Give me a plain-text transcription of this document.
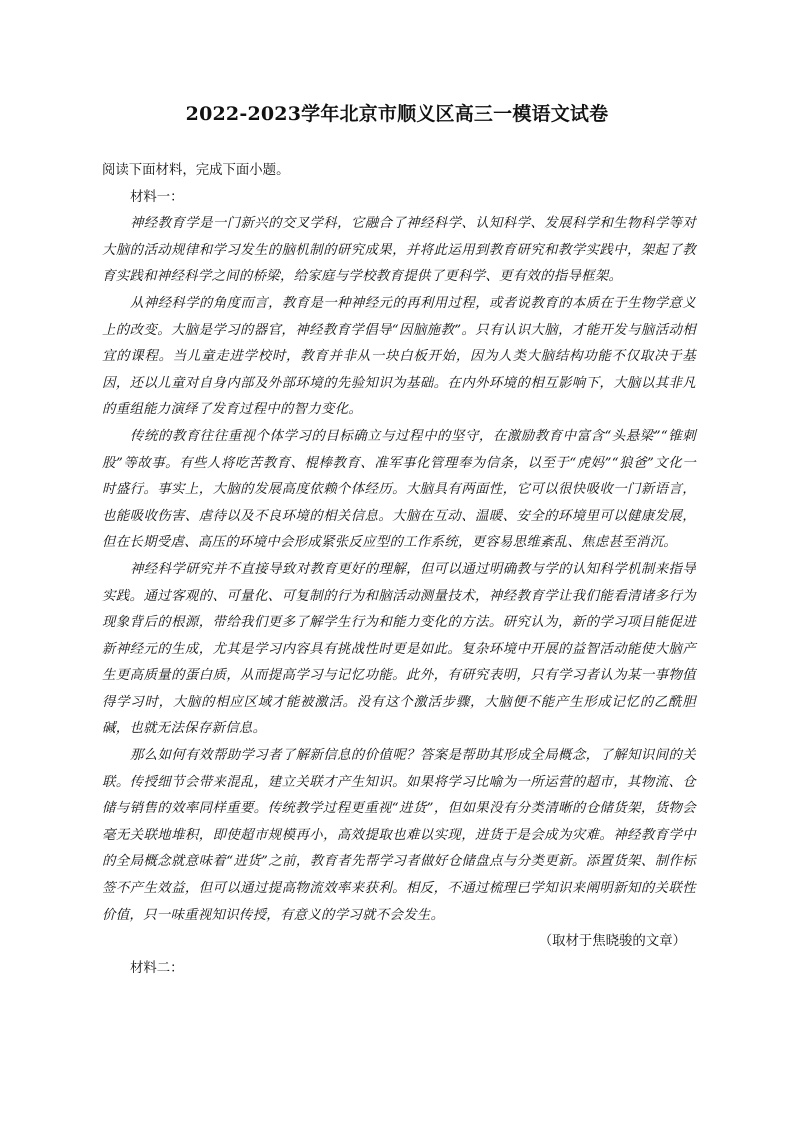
2022-2023学年北京市顺义区高三一模语文试卷

阅读下面材料，完成下面小题。

材料一：

神经教育学是一门新兴的交叉学科，它融合了神经科学、认知科学、发展科学和生物科学等对大脑的活动规律和学习发生的脑机制的研究成果，并将此运用到教育研究和教学实践中，架起了教育实践和神经科学之间的桥梁，给家庭与学校教育提供了更科学、更有效的指导框架。

从神经科学的角度而言，教育是一种神经元的再利用过程，或者说教育的本质在于生物学意义上的改变。大脑是学习的器官，神经教育学倡导“因脑施教”。只有认识大脑，才能开发与脑活动相宜的课程。当儿童走进学校时，教育并非从一块白板开始，因为人类大脑结构功能不仅取决于基因，还以儿童对自身内部及外部环境的先验知识为基础。在内外环境的相互影响下，大脑以其非凡的重组能力演绎了发育过程中的智力变化。

传统的教育往往重视个体学习的目标确立与过程中的坚守，在激励教育中富含“头悬梁”“锥刺股”等故事。有些人将吃苦教育、棍棒教育、准军事化管理奉为信条，以至于“虎妈”“狼爸”文化一时盛行。事实上，大脑的发展高度依赖个体经历。大脑具有两面性，它可以很快吸收一门新语言，也能吸收伤害、虐待以及不良环境的相关信息。大脑在互动、温暖、安全的环境里可以健康发展，但在长期受虐、高压的环境中会形成紧张反应型的工作系统，更容易思维紊乱、焦虑甚至消沉。

神经科学研究并不直接导致对教育更好的理解，但可以通过明确教与学的认知科学机制来指导实践。通过客观的、可量化、可复制的行为和脑活动测量技术，神经教育学让我们能看清诸多行为现象背后的根源，带给我们更多了解学生行为和能力变化的方法。研究认为，新的学习项目能促进新神经元的生成，尤其是学习内容具有挑战性时更是如此。复杂环境中开展的益智活动能使大脑产生更高质量的蛋白质，从而提高学习与记忆功能。此外，有研究表明，只有学习者认为某一事物值得学习时，大脑的相应区域才能被激活。没有这个激活步骤，大脑便不能产生形成记忆的乙酰胆碱，也就无法保存新信息。

那么如何有效帮助学习者了解新信息的价值呢？答案是帮助其形成全局概念，了解知识间的关联。传授细节会带来混乱，建立关联才产生知识。如果将学习比喻为一所运营的超市，其物流、仓储与销售的效率同样重要。传统教学过程更重视“进货”，但如果没有分类清晰的仓储货架，货物会毫无关联地堆积，即使超市规模再小，高效提取也难以实现，进货于是会成为灾难。神经教育学中的全局概念就意味着“进货”之前，教育者先帮学习者做好仓储盘点与分类更新。添置货架、制作标签不产生效益，但可以通过提高物流效率来获利。相反，不通过梳理已学知识来阐明新知的关联性价值，只一味重视知识传授，有意义的学习就不会发生。

（取材于焦晓骏的文章）

材料二：
